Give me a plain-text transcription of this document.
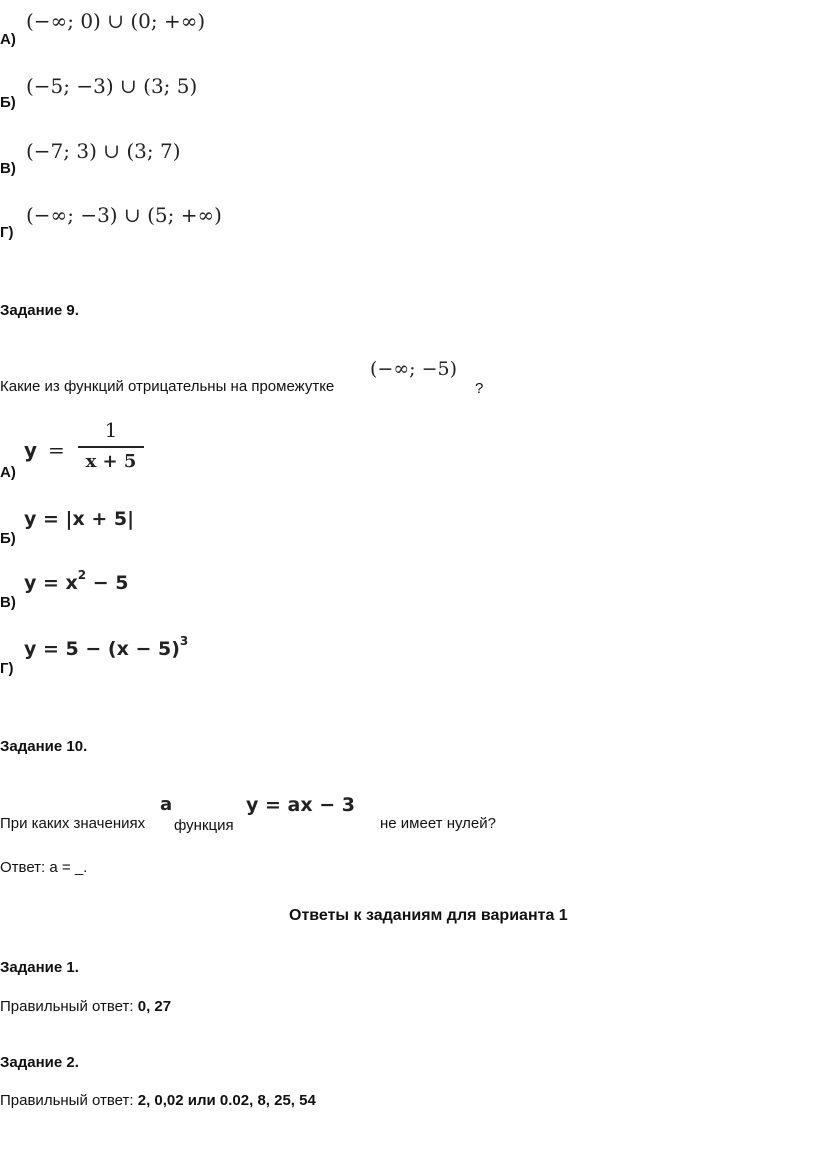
А)
(−∞; 0) ∪ (0; +∞)
Б)
(−5; −3) ∪ (3; 5)
В)
(−7; 3) ∪ (3; 7)
Г)
(−∞; −3) ∪ (5; +∞)
Задание 9.
Какие из функций отрицательны на промежутке
(−∞; −5)
?
А)
y =
1
x + 5
Б)
y = |x + 5|
В)
$y = x^2 - 5$
Г)
$y = 5 - (x - 5)^3$
Задание 10.
При каких значениях
a
функция
y = ax − 3
не имеет нулей?
Ответ: a = _.
Ответы к заданиям для варианта 1
Задание 1.
Правильный ответ: 0, 27
Задание 2.
Правильный ответ: 2, 0,02 или 0.02, 8, 25, 54
